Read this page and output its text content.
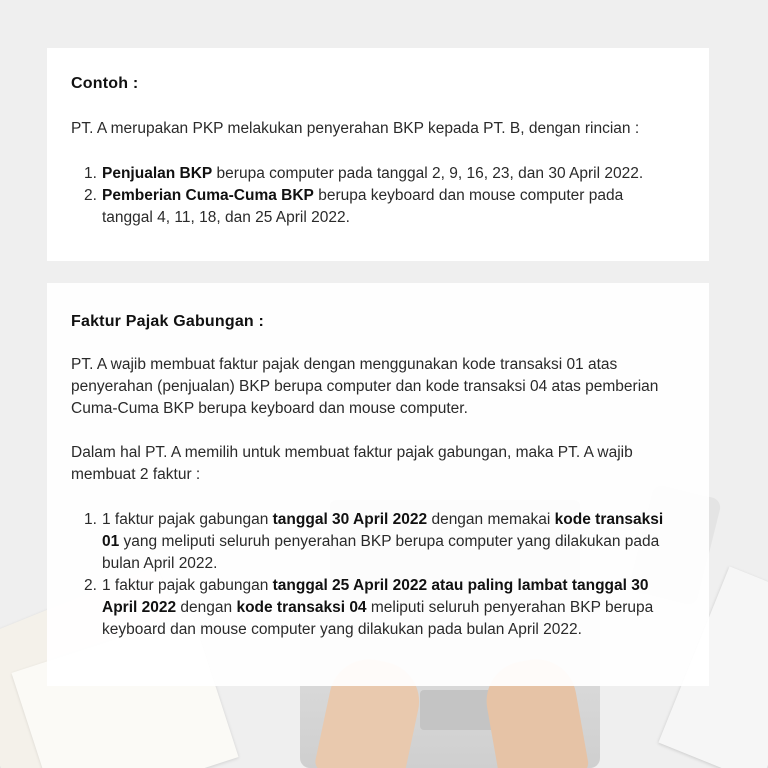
Contoh :
PT. A merupakan PKP melakukan penyerahan BKP kepada PT. B, dengan rincian :
1. Penjualan BKP berupa computer pada tanggal 2, 9, 16, 23, dan 30 April 2022.
2. Pemberian Cuma-Cuma BKP berupa keyboard dan mouse computer pada tanggal 4, 11, 18, dan 25 April 2022.
Faktur Pajak Gabungan :
PT. A wajib membuat faktur pajak dengan menggunakan kode transaksi 01 atas penyerahan (penjualan) BKP berupa computer dan kode transaksi 04 atas pemberian Cuma-Cuma BKP berupa keyboard dan mouse computer.
Dalam hal PT. A memilih untuk membuat faktur pajak gabungan, maka PT. A wajib membuat 2 faktur :
1. 1 faktur pajak gabungan tanggal 30 April 2022 dengan memakai kode transaksi 01 yang meliputi seluruh penyerahan BKP berupa computer yang dilakukan pada bulan April 2022.
2. 1 faktur pajak gabungan tanggal 25 April 2022 atau paling lambat tanggal 30 April 2022 dengan kode transaksi 04 meliputi seluruh penyerahan BKP berupa keyboard dan mouse computer yang dilakukan pada bulan April 2022.
